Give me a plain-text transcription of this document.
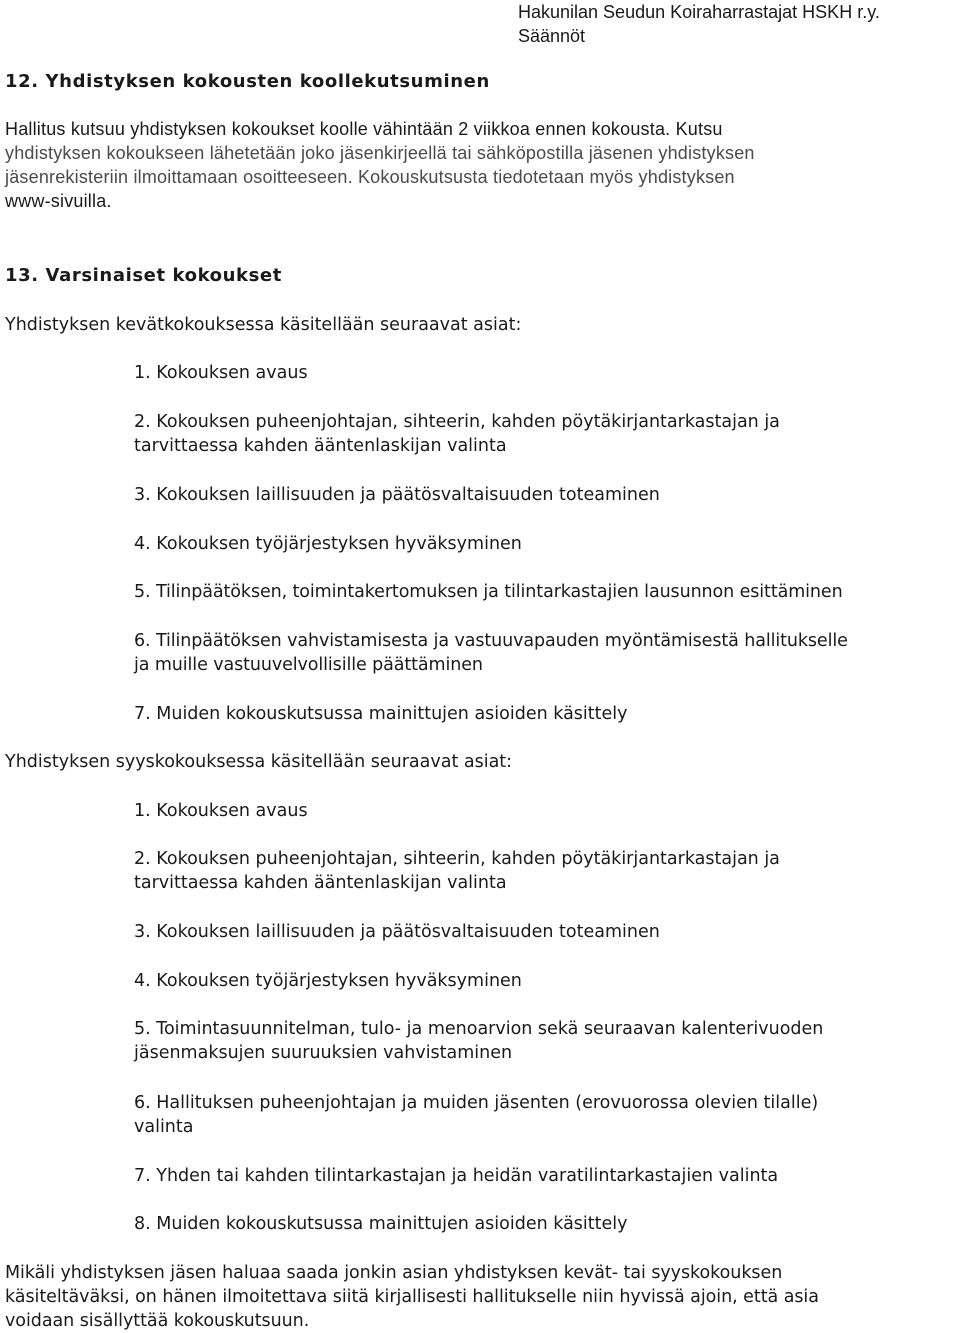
Hakunilan Seudun Koiraharrastajat HSKH r.y.
Säännöt
12. Yhdistyksen kokousten koollekutsuminen
Hallitus kutsuu yhdistyksen kokoukset koolle vähintään 2 viikkoa ennen kokousta. Kutsu
yhdistyksen kokoukseen lähetetään joko jäsenkirjeellä tai sähköpostilla jäsenen yhdistyksen
jäsenrekisteriin ilmoittamaan osoitteeseen. Kokouskutsusta tiedotetaan myös yhdistyksen
www-sivuilla.
13. Varsinaiset kokoukset
Yhdistyksen kevätkokouksessa käsitellään seuraavat asiat:
1. Kokouksen avaus
2. Kokouksen puheenjohtajan, sihteerin, kahden pöytäkirjantarkastajan ja
tarvittaessa kahden ääntenlaskijan valinta
3. Kokouksen laillisuuden ja päätösvaltaisuuden toteaminen
4. Kokouksen työjärjestyksen hyväksyminen
5. Tilinpäätöksen, toimintakertomuksen ja tilintarkastajien lausunnon esittäminen
6. Tilinpäätöksen vahvistamisesta ja vastuuvapauden myöntämisestä hallitukselle
ja muille vastuuvelvollisille päättäminen
7. Muiden kokouskutsussa mainittujen asioiden käsittely
Yhdistyksen syyskokouksessa käsitellään seuraavat asiat:
1. Kokouksen avaus
2. Kokouksen puheenjohtajan, sihteerin, kahden pöytäkirjantarkastajan ja
tarvittaessa kahden ääntenlaskijan valinta
3. Kokouksen laillisuuden ja päätösvaltaisuuden toteaminen
4. Kokouksen työjärjestyksen hyväksyminen
5. Toimintasuunnitelman, tulo- ja menoarvion sekä seuraavan kalenterivuoden
jäsenmaksujen suuruuksien vahvistaminen
6. Hallituksen puheenjohtajan ja muiden jäsenten (erovuorossa olevien tilalle)
valinta
7. Yhden tai kahden tilintarkastajan ja heidän varatilintarkastajien valinta
8. Muiden kokouskutsussa mainittujen asioiden käsittely
Mikäli yhdistyksen jäsen haluaa saada jonkin asian yhdistyksen kevät- tai syyskokouksen
käsiteltäväksi, on hänen ilmoitettava siitä kirjallisesti hallitukselle niin hyvissä ajoin, että asia
voidaan sisällyttää kokouskutsuun.
